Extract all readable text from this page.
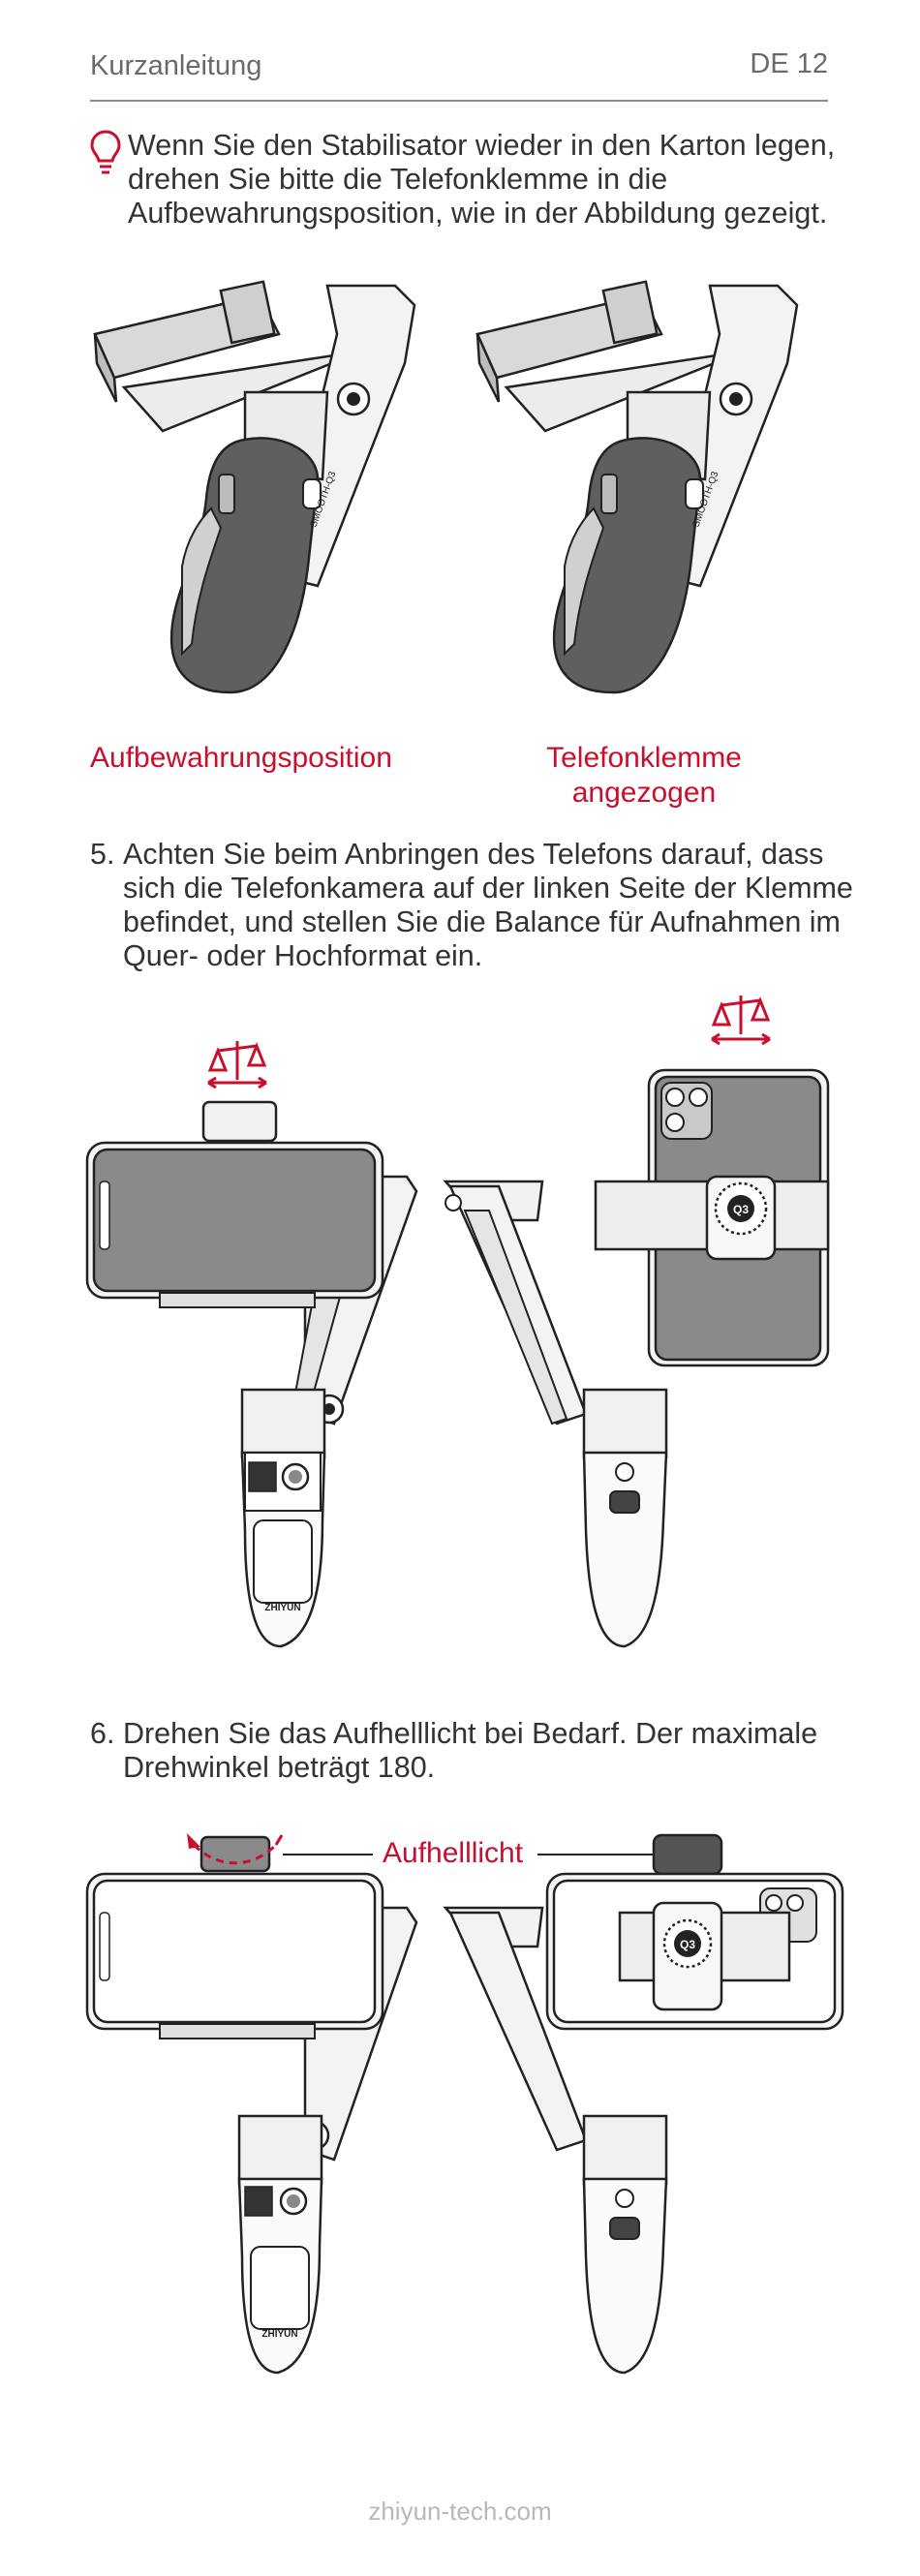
Kurzanleitung	DE 12
Wenn Sie den Stabilisator wieder in den Karton legen, drehen Sie bitte die Telefonklemme in die Aufbewahrungsposition, wie in der Abbildung gezeigt.
Aufbewahrungsposition	Telefonklemme
angezogen
5. Achten Sie beim Anbringen des Telefons darauf, dass sich die Telefonkamera auf der linken Seite der Klemme befindet, und stellen Sie die Balance für Aufnahmen im Quer- oder Hochformat ein.
ZHIYUN
Q3
6. Drehen Sie das Aufhelllicht bei Bedarf. Der maximale Drehwinkel beträgt 180.
ZHIYUN
Q3
Aufhelllicht
zhiyun-tech.com
